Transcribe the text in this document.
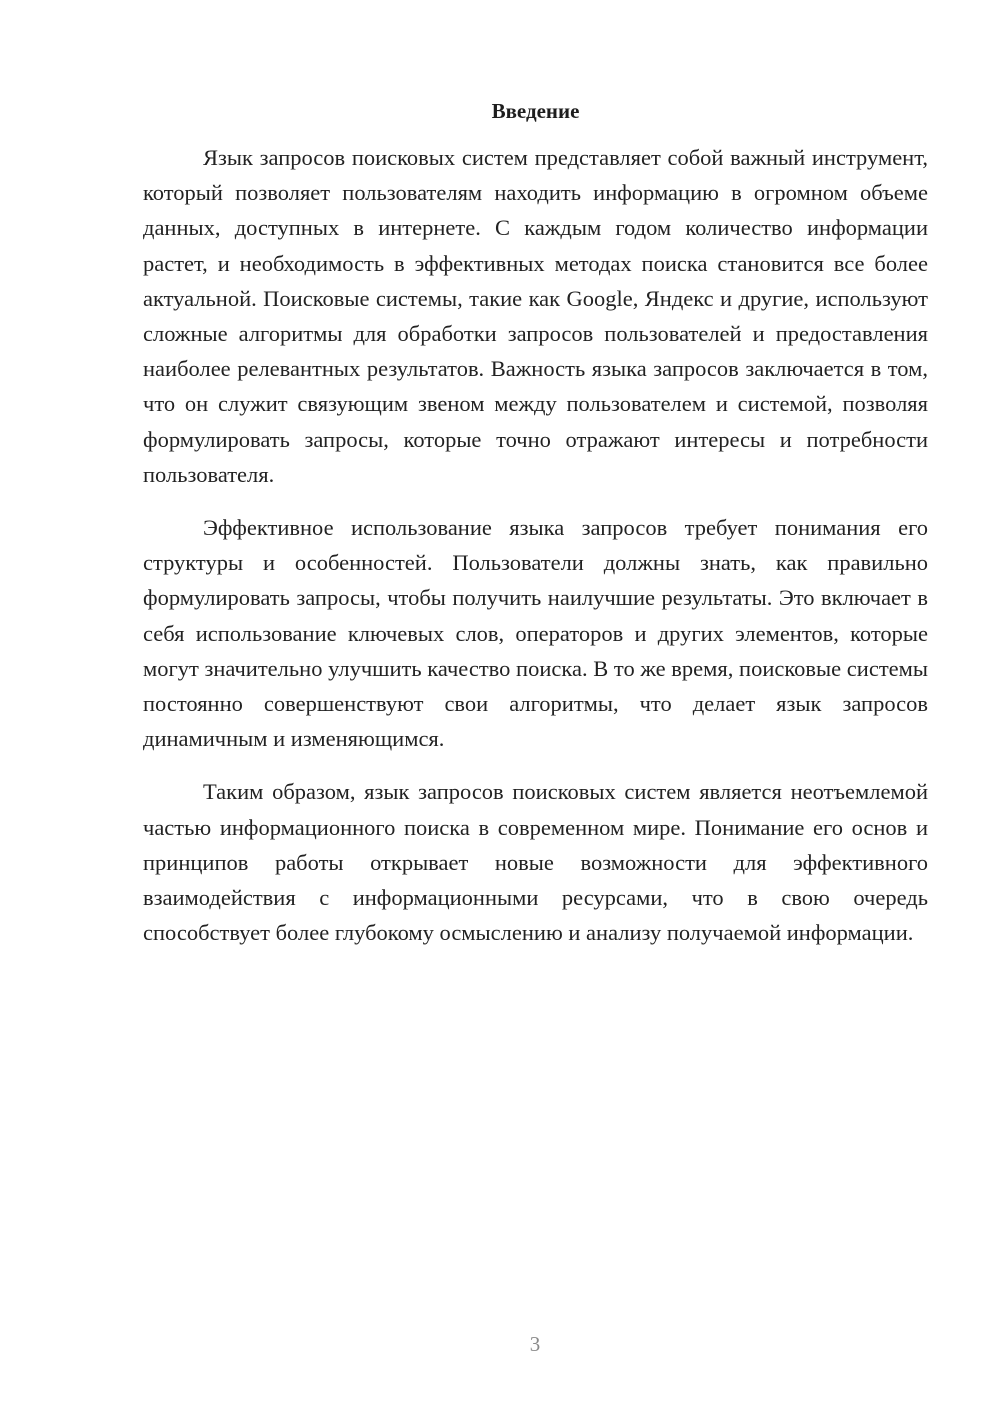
Введение

Язык запросов поисковых систем представляет собой важный инструмент, который позволяет пользователям находить информацию в огромном объеме данных, доступных в интернете. С каждым годом количество информации растет, и необходимость в эффективных методах поиска становится все более актуальной. Поисковые системы, такие как Google, Яндекс и другие, используют сложные алгоритмы для обработки запросов пользователей и предоставления наиболее релевантных результатов. Важность языка запросов заключается в том, что он служит связующим звеном между пользователем и системой, позволяя формулировать запросы, которые точно отражают интересы и потребности пользователя.

Эффективное использование языка запросов требует понимания его структуры и особенностей. Пользователи должны знать, как правильно формулировать запросы, чтобы получить наилучшие результаты. Это включает в себя использование ключевых слов, операторов и других элементов, которые могут значительно улучшить качество поиска. В то же время, поисковые системы постоянно совершенствуют свои алгоритмы, что делает язык запросов динамичным и изменяющимся.

Таким образом, язык запросов поисковых систем является неотъемлемой частью информационного поиска в современном мире. Понимание его основ и принципов работы открывает новые возможности для эффективного взаимодействия с информационными ресурсами, что в свою очередь способствует более глубокому осмыслению и анализу получаемой информации.

3
